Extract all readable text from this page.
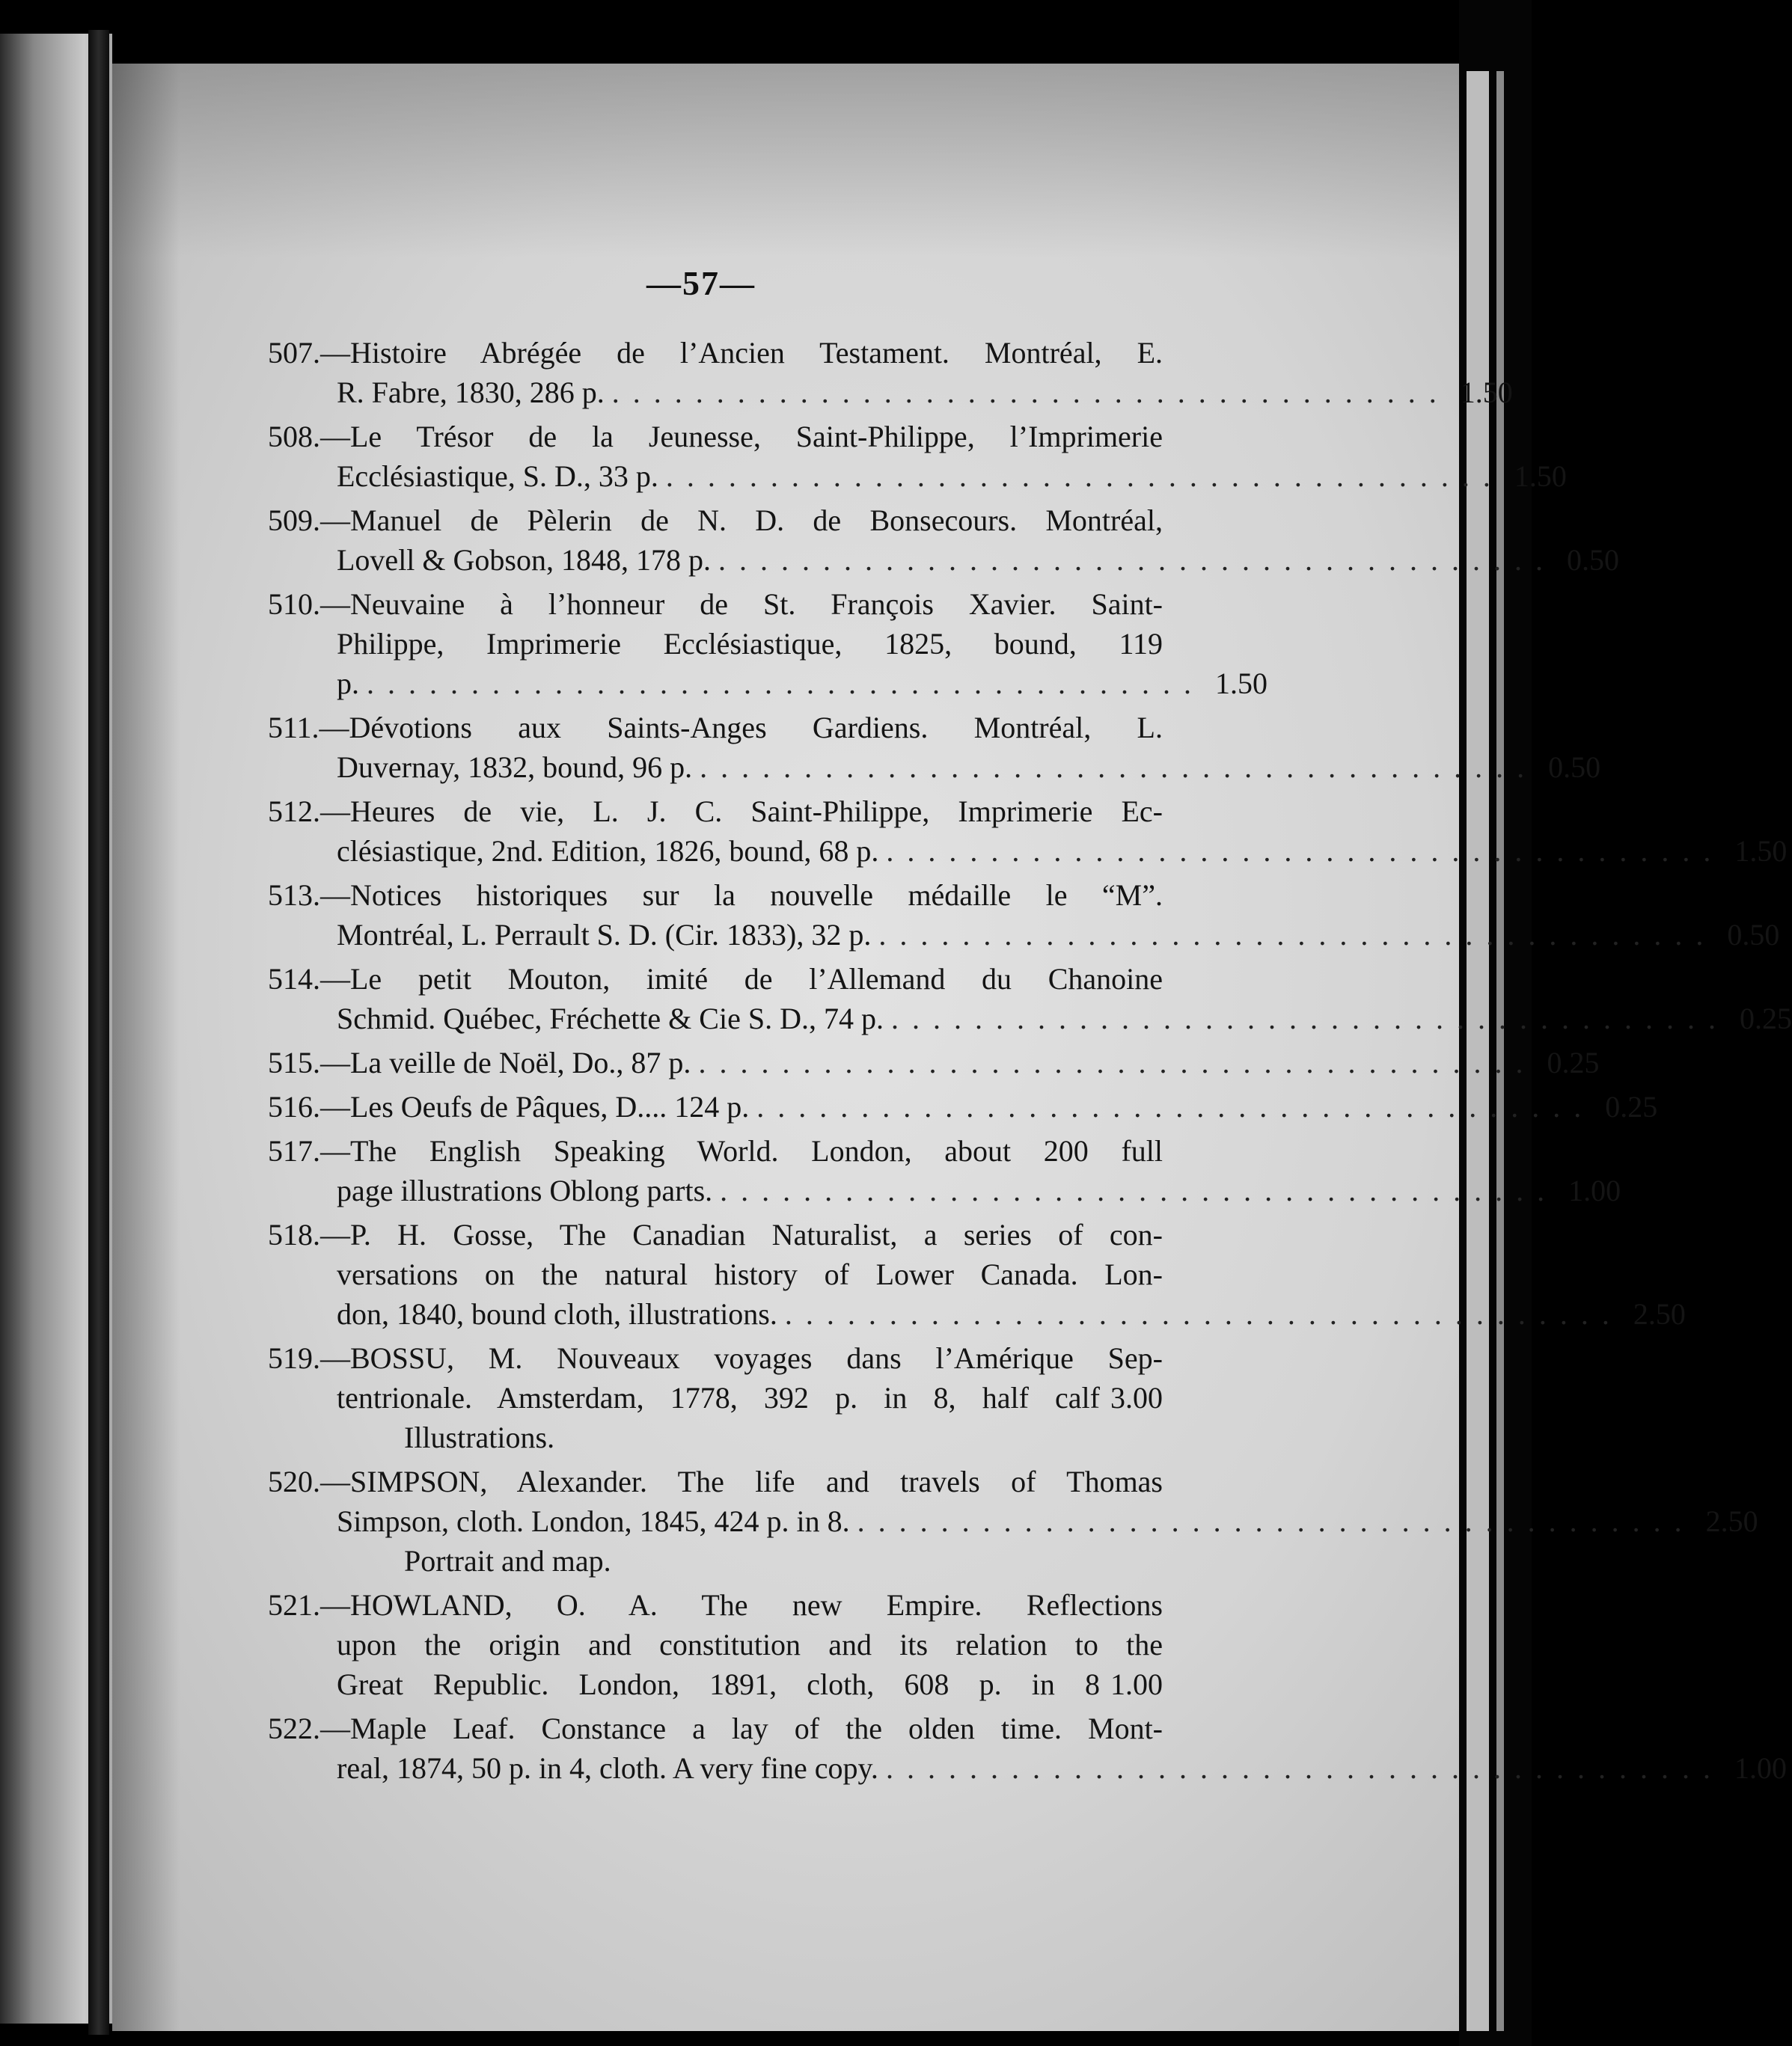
—57—
507.—Histoire Abrégée de l’Ancien Testament. Montréal, E.
R. Fabre, 1830, 286 p. ........................................ 1.50
508.—Le Trésor de la Jeunesse, Saint-Philippe, l’Imprimerie
Ecclésiastique, S. D., 33 p. ........................................ 1.50
509.—Manuel de Pèlerin de N. D. de Bonsecours. Montréal,
Lovell & Gobson, 1848, 178 p. ........................................ 0.50
510.—Neuvaine à l’honneur de St. François Xavier. Saint-
Philippe, Imprimerie Ecclésiastique, 1825, bound, 119
p. ........................................ 1.50
511.—Dévotions aux Saints-Anges Gardiens. Montréal, L.
Duvernay, 1832, bound, 96 p. ........................................ 0.50
512.—Heures de vie, L. J. C. Saint-Philippe, Imprimerie Ec-
clésiastique, 2nd. Edition, 1826, bound, 68 p. ........................................ 1.50
513.—Notices historiques sur la nouvelle médaille le “M”.
Montréal, L. Perrault S. D. (Cir. 1833), 32 p. ........................................ 0.50
514.—Le petit Mouton, imité de l’Allemand du Chanoine
Schmid. Québec, Fréchette & Cie S. D., 74 p. ........................................ 0.25
515.—La veille de Noël, Do., 87 p. ........................................ 0.25
516.—Les Oeufs de Pâques, D.... 124 p. ........................................ 0.25
517.—The English Speaking World. London, about 200 full
page illustrations Oblong parts. ........................................ 1.00
518.—P. H. Gosse, The Canadian Naturalist, a series of con-
versations on the natural history of Lower Canada. Lon-
don, 1840, bound cloth, illustrations. ........................................ 2.50
519.—BOSSU, M. Nouveaux voyages dans l’Amérique Sep-
tentrionale. Amsterdam, 1778, 392 p. in 8, half calf 3.00
Illustrations.
520.—SIMPSON, Alexander. The life and travels of Thomas
Simpson, cloth. London, 1845, 424 p. in 8. ........................................ 2.50
Portrait and map.
521.—HOWLAND, O. A. The new Empire. Reflections
upon the origin and constitution and its relation to the
Great Republic. London, 1891, cloth, 608 p. in 8 1.00
522.—Maple Leaf. Constance a lay of the olden time. Mont-
real, 1874, 50 p. in 4, cloth. A very fine copy. ........................................ 1.00
